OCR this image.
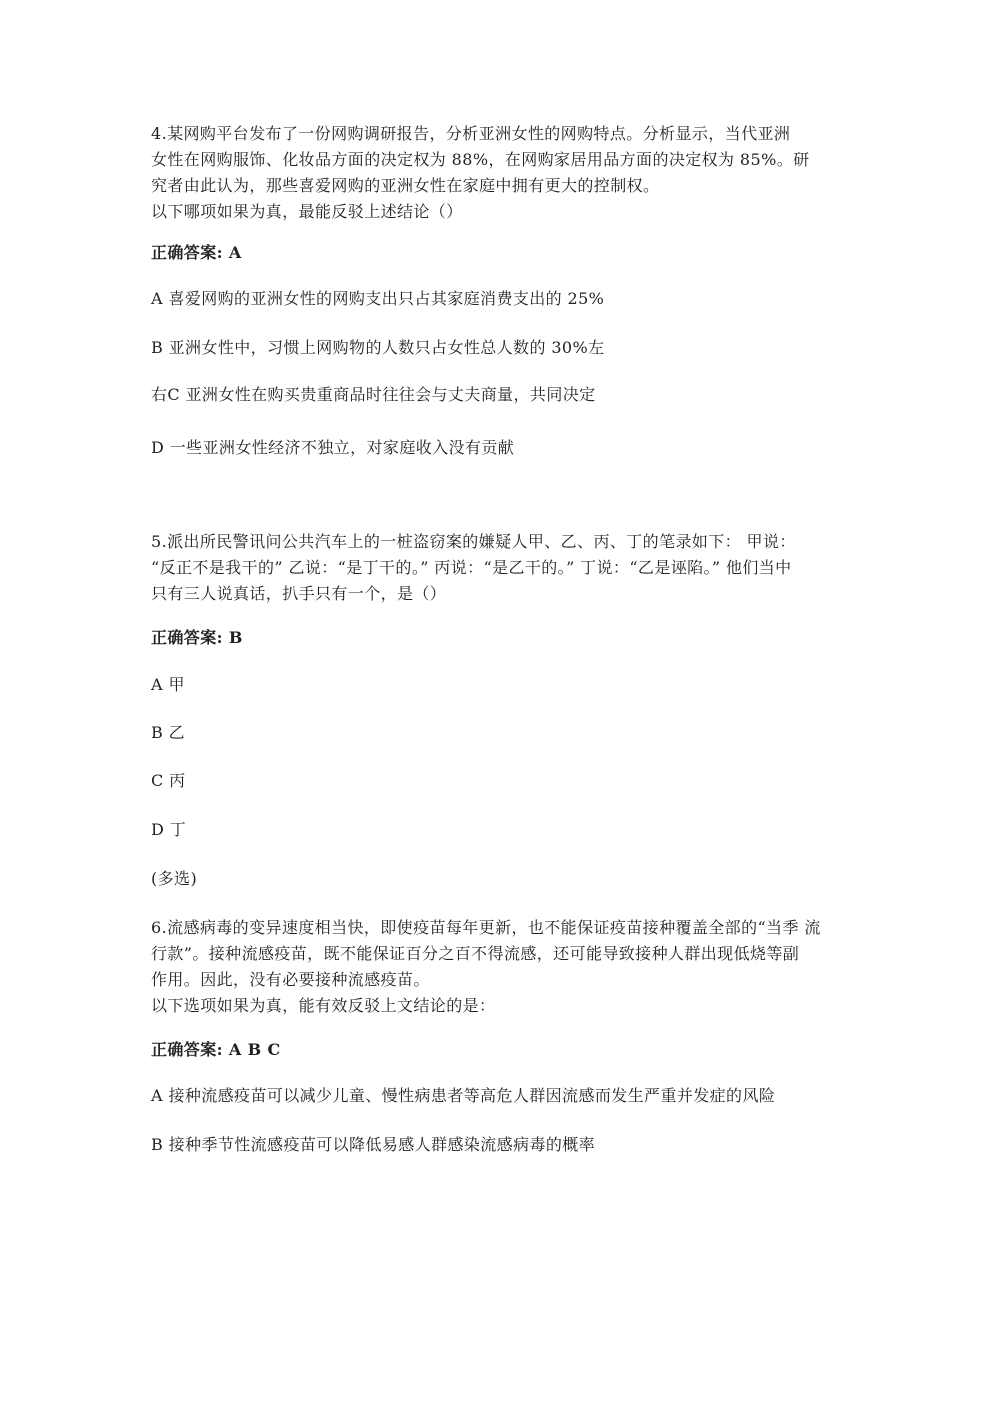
4.某网购平台发布了一份网购调研报告，分析亚洲女性的网购特点。分析显示，当代亚洲
女性在网购服饰、化妆品方面的决定权为 88%，在网购家居用品方面的决定权为 85%。研
究者由此认为，那些喜爱网购的亚洲女性在家庭中拥有更大的控制权。
以下哪项如果为真，最能反驳上述结论（）
正确答案: A
A 喜爱网购的亚洲女性的网购支出只占其家庭消费支出的 25%
B 亚洲女性中，习惯上网购物的人数只占女性总人数的 30%左
右C 亚洲女性在购买贵重商品时往往会与丈夫商量，共同决定
D 一些亚洲女性经济不独立，对家庭收入没有贡献
5.派出所民警讯问公共汽车上的一桩盗窃案的嫌疑人甲、乙、丙、丁的笔录如下： 甲说：
“反正不是我干的” 乙说：“是丁干的。” 丙说：“是乙干的。” 丁说：“乙是诬陷。” 他们当中
只有三人说真话，扒手只有一个，是（）
正确答案: B
A 甲
B 乙
C 丙
D 丁
(多选)
6.流感病毒的变异速度相当快，即使疫苗每年更新，也不能保证疫苗接种覆盖全部的“当季 流
行款”。接种流感疫苗，既不能保证百分之百不得流感，还可能导致接种人群出现低烧等副
作用。因此，没有必要接种流感疫苗。
以下选项如果为真，能有效反驳上文结论的是：
正确答案: A B C
A 接种流感疫苗可以减少儿童、慢性病患者等高危人群因流感而发生严重并发症的风险
B 接种季节性流感疫苗可以降低易感人群感染流感病毒的概率
